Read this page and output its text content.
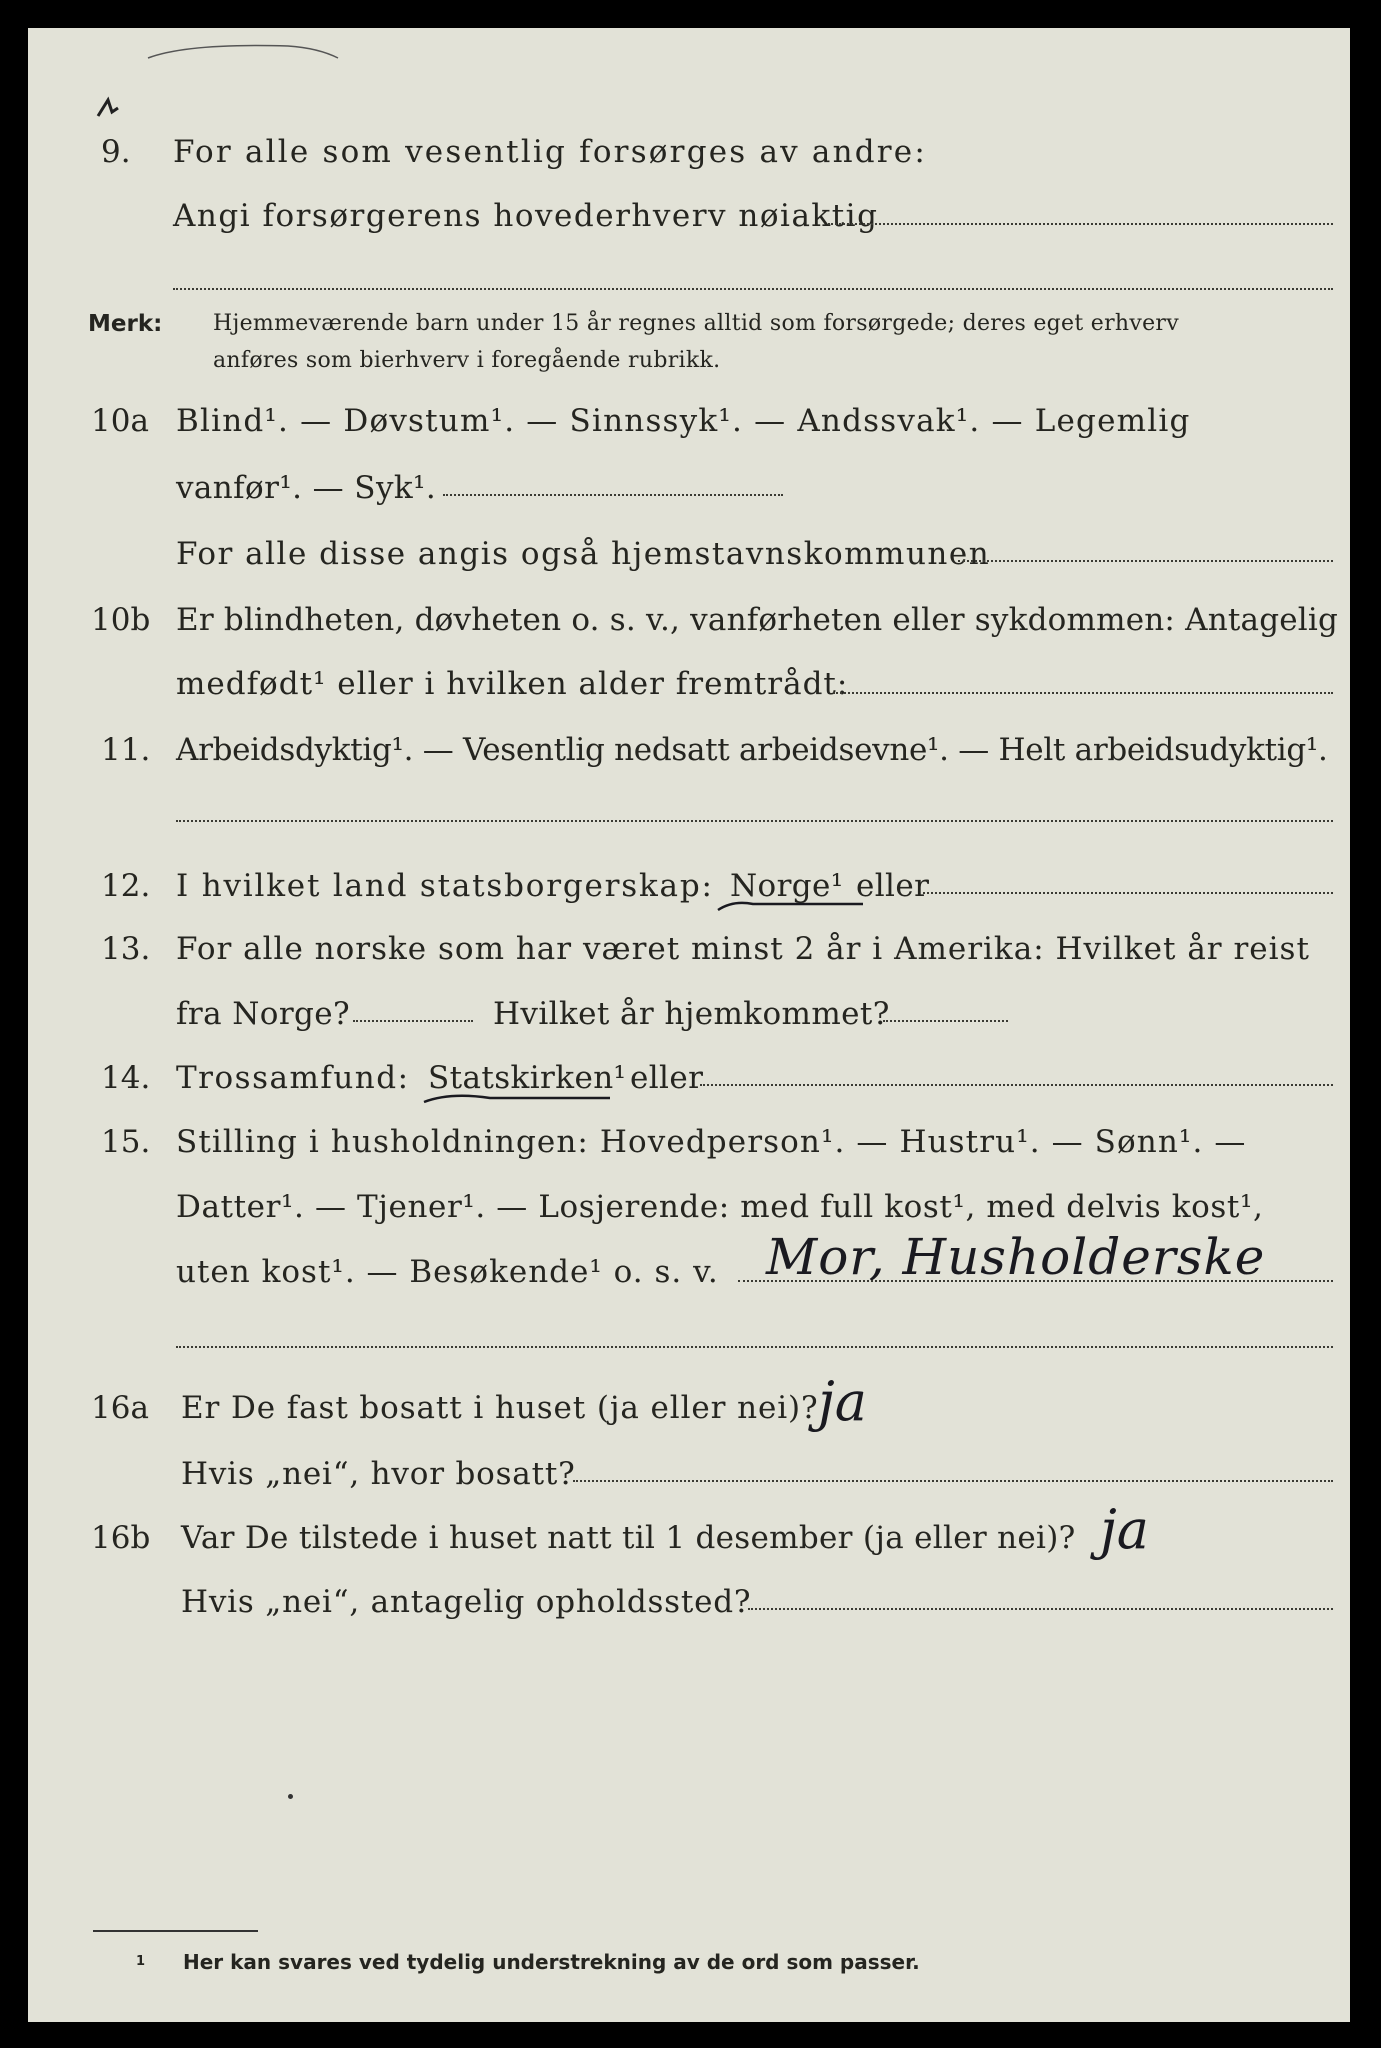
9. For alle som vesentlig forsørges av andre:
Angi forsørgerens hovederhverv nøiaktig
Merk: Hjemmeværende barn under 15 år regnes alltid som forsørgede; deres eget erhverv
anføres som bierhverv i foregående rubrikk.
10a Blind¹. — Døvstum¹. — Sinnssyk¹. — Andssvak¹. — Legemlig
vanfør¹. — Syk¹.
For alle disse angis også hjemstavnskommunen
10b Er blindheten, døvheten o. s. v., vanførheten eller sykdommen: Antagelig
medfødt¹ eller i hvilken alder fremtrådt:
11. Arbeidsdyktig¹. — Vesentlig nedsatt arbeidsevne¹. — Helt arbeidsudyktig¹.
12. I hvilket land statsborgerskap: Norge¹ eller
13. For alle norske som har været minst 2 år i Amerika: Hvilket år reist
fra Norge?	Hvilket år hjemkommet?
14. Trossamfund: Statskirken¹ eller
15. Stilling i husholdningen: Hovedperson¹. — Hustru¹. — Sønn¹. —
Datter¹. — Tjener¹. — Losjerende: med full kost¹, med delvis kost¹,
uten kost¹. — Besøkende¹ o. s. v. Mor, Husholderske
16a Er De fast bosatt i huset (ja eller nei)? ja
Hvis „nei“, hvor bosatt?
16b Var De tilstede i huset natt til 1 desember (ja eller nei)? ja
Hvis „nei“, antagelig opholdssted?
1 Her kan svares ved tydelig understrekning av de ord som passer.
